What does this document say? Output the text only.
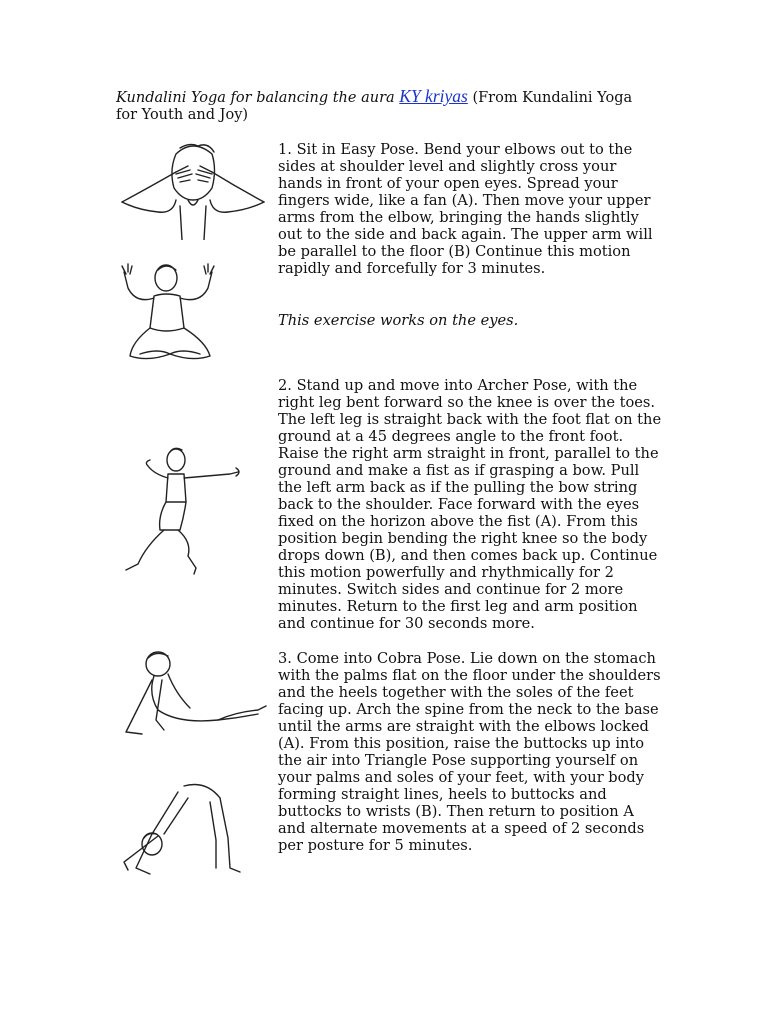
Kundalini Yoga for balancing the aura KY kriyas (From Kundalini Yoga for Youth and Joy)

1. Sit in Easy Pose. Bend your elbows out to the sides at shoulder level and slightly cross your hands in front of your open eyes. Spread your fingers wide, like a fan (A). Then move your upper arms from the elbow, bringing the hands slightly out to the side and back again. The upper arm will be parallel to the floor (B) Continue this motion rapidly and forcefully for 3 minutes.

This exercise works on the eyes.

2. Stand up and move into Archer Pose, with the right leg bent forward so the knee is over the toes. The left leg is straight back with the foot flat on the ground at a 45 degrees angle to the front foot. Raise the right arm straight in front, parallel to the ground and make a fist as if grasping a bow. Pull the left arm back as if the pulling the bow string back to the shoulder. Face forward with the eyes fixed on the horizon above the fist (A). From this position begin bending the right knee so the body drops down (B), and then comes back up. Continue this motion powerfully and rhythmically for 2 minutes. Switch sides and continue for 2 more minutes. Return to the first leg and arm position and continue for 30 seconds more.

3. Come into Cobra Pose. Lie down on the stomach with the palms flat on the floor under the shoulders and the heels together with the soles of the feet facing up. Arch the spine from the neck to the base until the arms are straight with the elbows locked (A). From this position, raise the buttocks up into the air into Triangle Pose supporting yourself on your palms and soles of your feet, with your body forming straight lines, heels to buttocks and buttocks to wrists (B). Then return to position A and alternate movements at a speed of 2 seconds per posture for 5 minutes.
